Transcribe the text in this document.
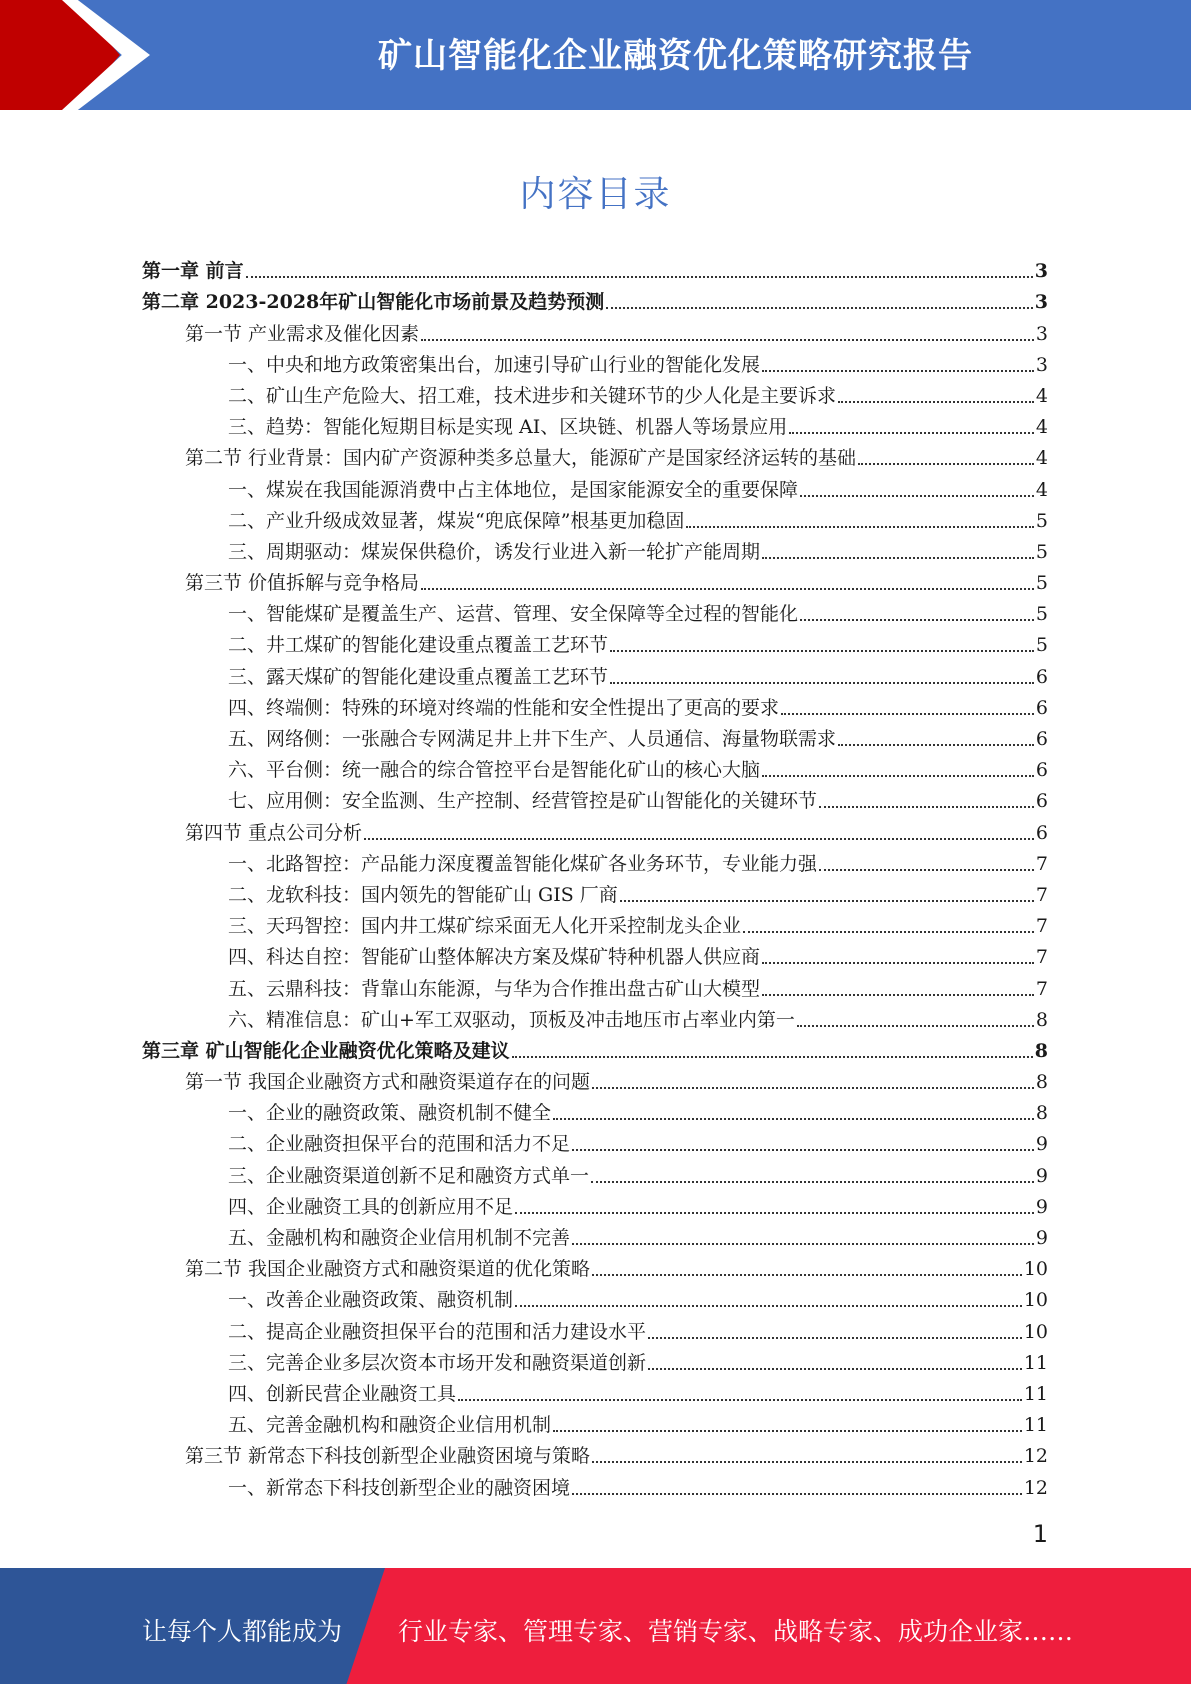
矿山智能化企业融资优化策略研究报告
内容目录
第一章 前言	3
第二章 2023-2028年矿山智能化市场前景及趋势预测	3
第一节 产业需求及催化因素	3
一、中央和地方政策密集出台，加速引导矿山行业的智能化发展	3
二、矿山生产危险大、招工难，技术进步和关键环节的少人化是主要诉求	4
三、趋势：智能化短期目标是实现 AI、区块链、机器人等场景应用	4
第二节 行业背景：国内矿产资源种类多总量大，能源矿产是国家经济运转的基础	4
一、煤炭在我国能源消费中占主体地位，是国家能源安全的重要保障	4
二、产业升级成效显著，煤炭“兜底保障”根基更加稳固	5
三、周期驱动：煤炭保供稳价，诱发行业进入新一轮扩产能周期	5
第三节 价值拆解与竞争格局	5
一、智能煤矿是覆盖生产、运营、管理、安全保障等全过程的智能化	5
二、井工煤矿的智能化建设重点覆盖工艺环节	5
三、露天煤矿的智能化建设重点覆盖工艺环节	6
四、终端侧：特殊的环境对终端的性能和安全性提出了更高的要求	6
五、网络侧：一张融合专网满足井上井下生产、人员通信、海量物联需求	6
六、平台侧：统一融合的综合管控平台是智能化矿山的核心大脑	6
七、应用侧：安全监测、生产控制、经营管控是矿山智能化的关键环节	6
第四节 重点公司分析	6
一、北路智控：产品能力深度覆盖智能化煤矿各业务环节，专业能力强	7
二、龙软科技：国内领先的智能矿山 GIS 厂商	7
三、天玛智控：国内井工煤矿综采面无人化开采控制龙头企业	7
四、科达自控：智能矿山整体解决方案及煤矿特种机器人供应商	7
五、云鼎科技：背靠山东能源，与华为合作推出盘古矿山大模型	7
六、精准信息：矿山+军工双驱动，顶板及冲击地压市占率业内第一	8
第三章 矿山智能化企业融资优化策略及建议	8
第一节 我国企业融资方式和融资渠道存在的问题	8
一、企业的融资政策、融资机制不健全	8
二、企业融资担保平台的范围和活力不足	9
三、企业融资渠道创新不足和融资方式单一	9
四、企业融资工具的创新应用不足	9
五、金融机构和融资企业信用机制不完善	9
第二节 我国企业融资方式和融资渠道的优化策略	10
一、改善企业融资政策、融资机制	10
二、提高企业融资担保平台的范围和活力建设水平	10
三、完善企业多层次资本市场开发和融资渠道创新	11
四、创新民营企业融资工具	11
五、完善金融机构和融资企业信用机制	11
第三节 新常态下科技创新型企业融资困境与策略	12
一、新常态下科技创新型企业的融资困境	12
1
让每个人都能成为 行业专家、管理专家、营销专家、战略专家、成功企业家……
